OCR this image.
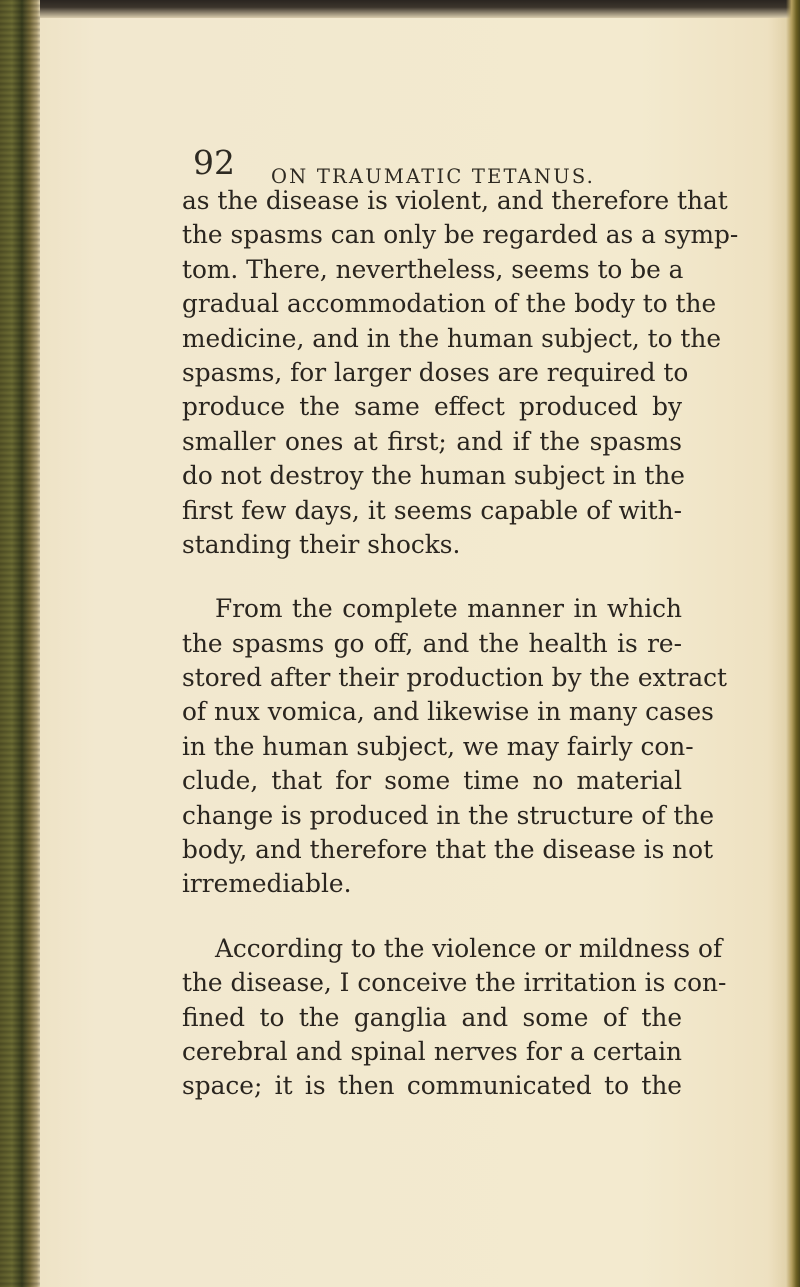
92 ON TRAUMATIC TETANUS.
as the disease is violent, and therefore that
the spasms can only be regarded as a symp-
tom. There, nevertheless, seems to be a
gradual accommodation of the body to the
medicine, and in the human subject, to the
spasms, for larger doses are required to
produce the same effect produced by
smaller ones at first; and if the spasms
do not destroy the human subject in the
first few days, it seems capable of with-
standing their shocks.
From the complete manner in which
the spasms go off, and the health is re-
stored after their production by the extract
of nux vomica, and likewise in many cases
in the human subject, we may fairly con-
clude, that for some time no material
change is produced in the structure of the
body, and therefore that the disease is not
irremediable.
According to the violence or mildness of
the disease, I conceive the irritation is con-
fined to the ganglia and some of the
cerebral and spinal nerves for a certain
space; it is then communicated to the
